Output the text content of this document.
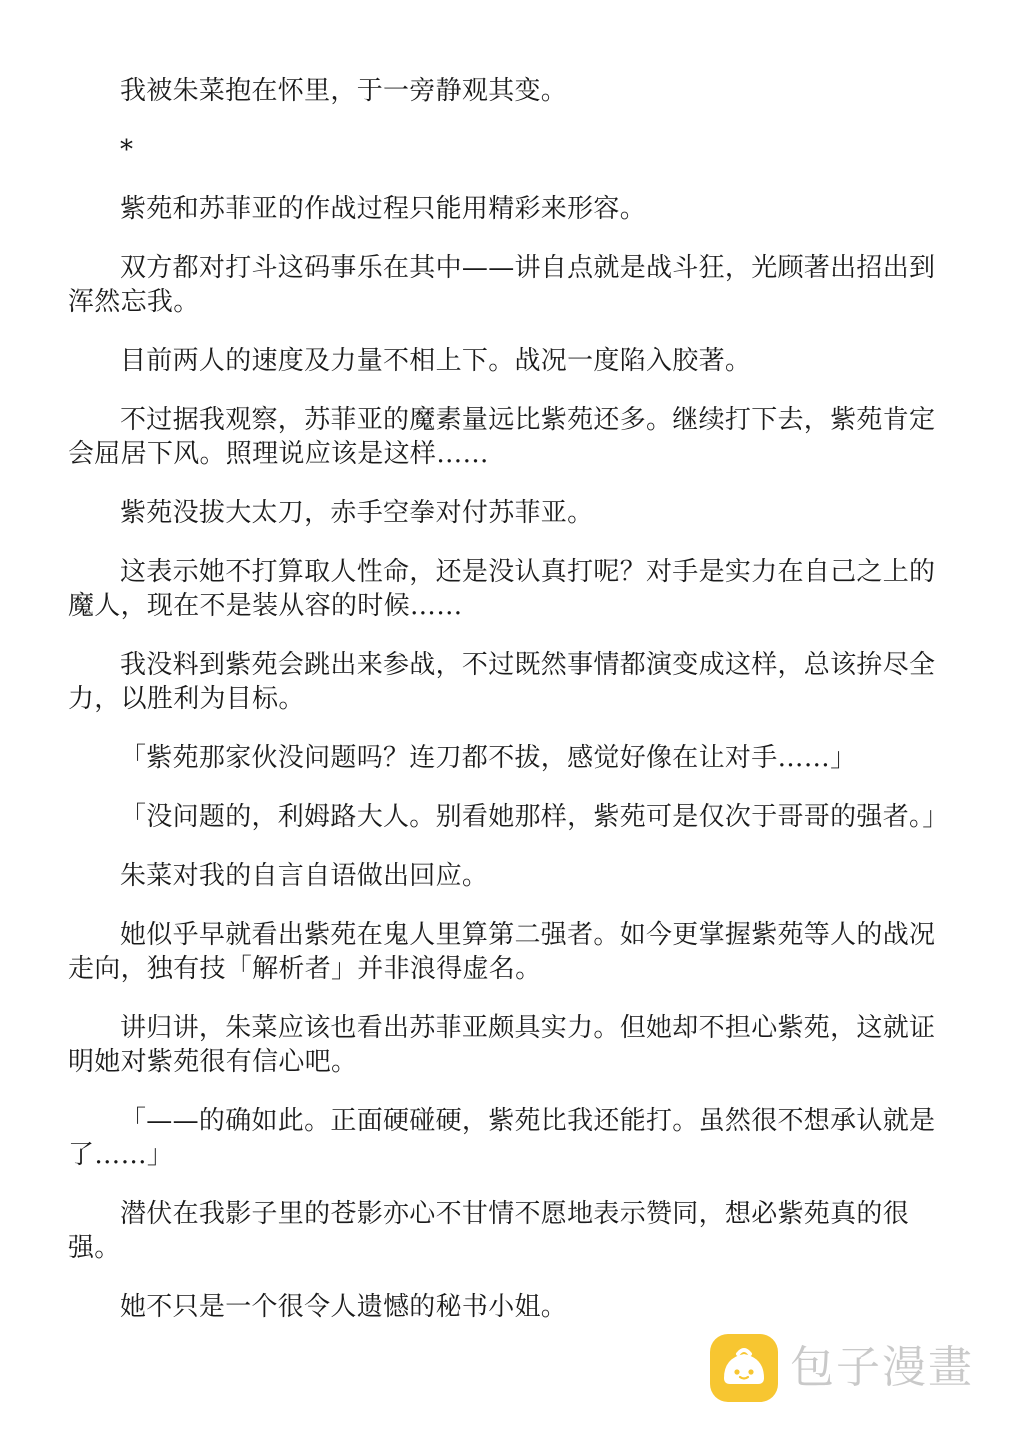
我被朱菜抱在怀里，于一旁静观其变。

*

紫苑和苏菲亚的作战过程只能用精彩来形容。

双方都对打斗这码事乐在其中——讲自点就是战斗狂，光顾著出招出到浑然忘我。

目前两人的速度及力量不相上下。战况一度陷入胶著。

不过据我观察，苏菲亚的魔素量远比紫苑还多。继续打下去，紫苑肯定会屈居下风。照理说应该是这样……

紫苑没拔大太刀，赤手空拳对付苏菲亚。

这表示她不打算取人性命，还是没认真打呢？对手是实力在自己之上的魔人，现在不是装从容的时候……

我没料到紫苑会跳出来参战，不过既然事情都演变成这样，总该拚尽全力，以胜利为目标。

「紫苑那家伙没问题吗？连刀都不拔，感觉好像在让对手……」

「没问题的，利姆路大人。别看她那样，紫苑可是仅次于哥哥的强者。」

朱菜对我的自言自语做出回应。

她似乎早就看出紫苑在鬼人里算第二强者。如今更掌握紫苑等人的战况走向，独有技「解析者」并非浪得虚名。

讲归讲，朱菜应该也看出苏菲亚颇具实力。但她却不担心紫苑，这就证明她对紫苑很有信心吧。

「——的确如此。正面硬碰硬，紫苑比我还能打。虽然很不想承认就是了……」

潜伏在我影子里的苍影亦心不甘情不愿地表示赞同，想必紫苑真的很强。

她不只是一个很令人遗憾的秘书小姐。

包子漫畫
